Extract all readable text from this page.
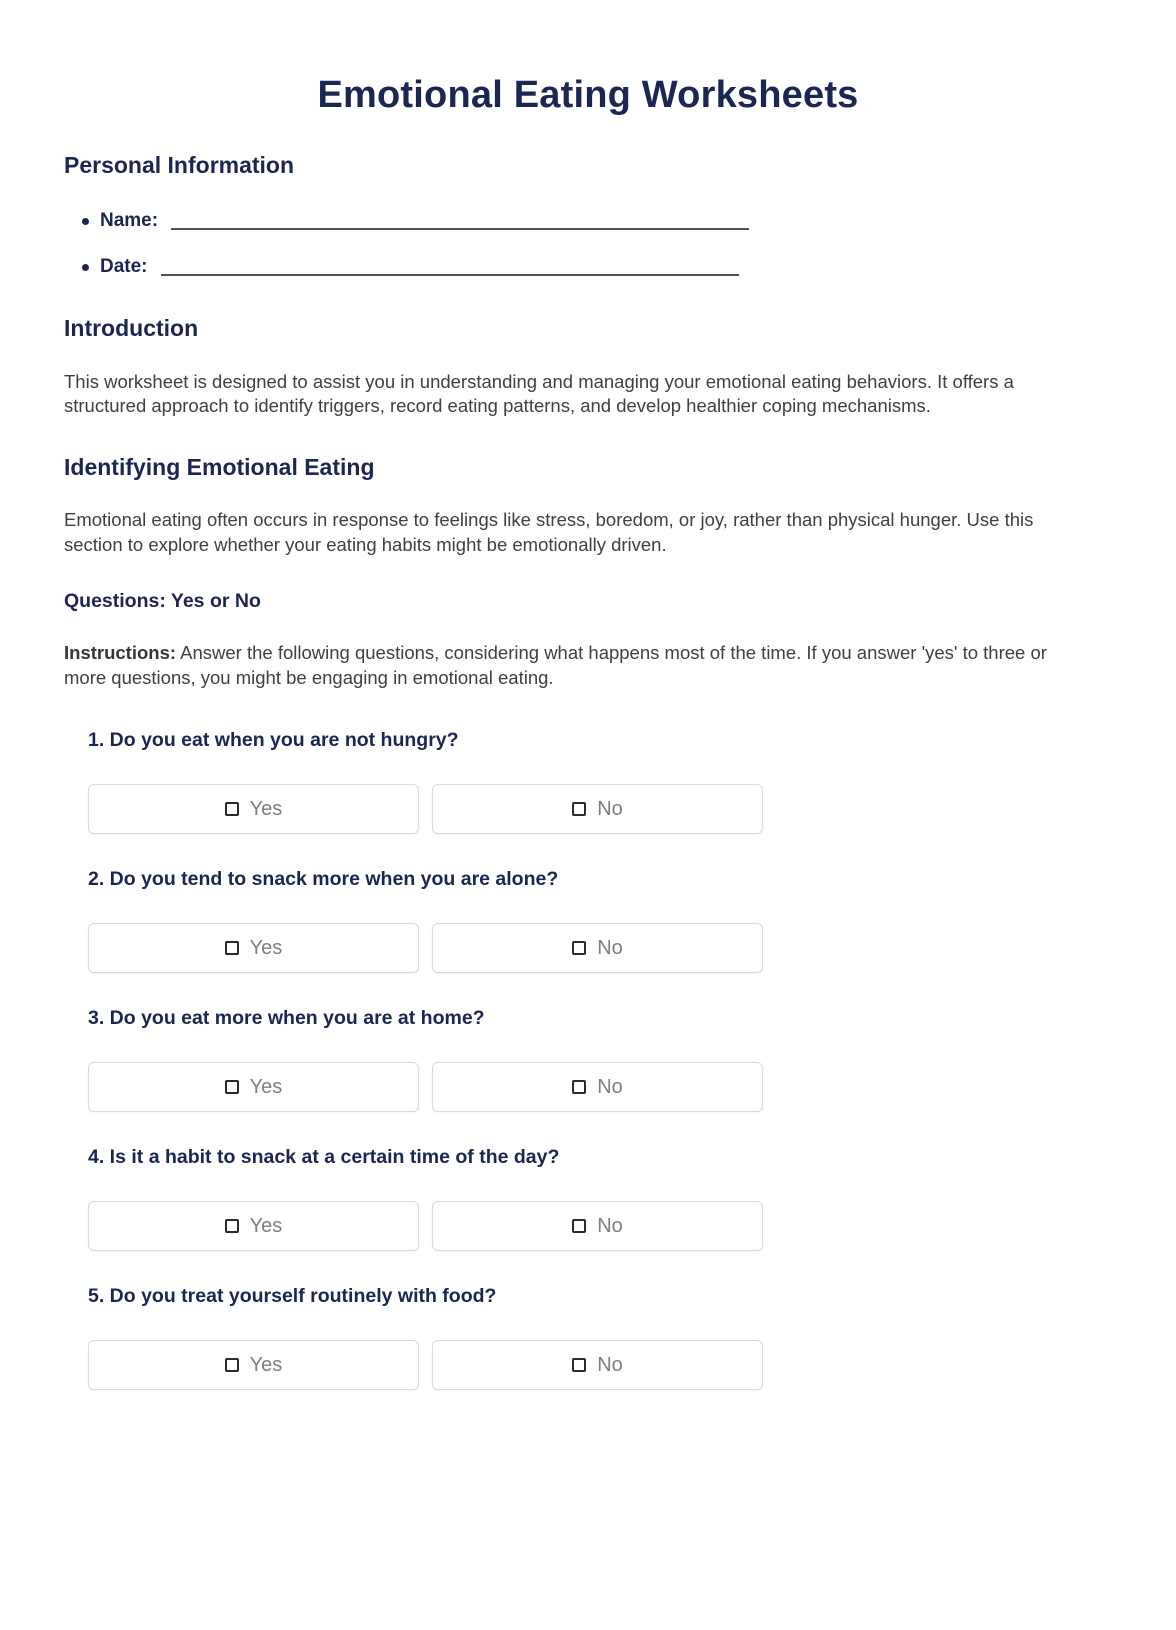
Emotional Eating Worksheets
Personal Information
Name:
Date:
Introduction

This worksheet is designed to assist you in understanding and managing your emotional eating behaviors. It offers a structured approach to identify triggers, record eating patterns, and develop healthier coping mechanisms.

Identifying Emotional Eating

Emotional eating often occurs in response to feelings like stress, boredom, or joy, rather than physical hunger. Use this section to explore whether your eating habits might be emotionally driven.

Questions: Yes or No

Instructions: Answer the following questions, considering what happens most of the time. If you answer 'yes' to three or more questions, you might be engaging in emotional eating.

1. Do you eat when you are not hungry?
Yes	No
2. Do you tend to snack more when you are alone?
Yes	No
3. Do you eat more when you are at home?
Yes	No
4. Is it a habit to snack at a certain time of the day?
Yes	No
5. Do you treat yourself routinely with food?
Yes	No
